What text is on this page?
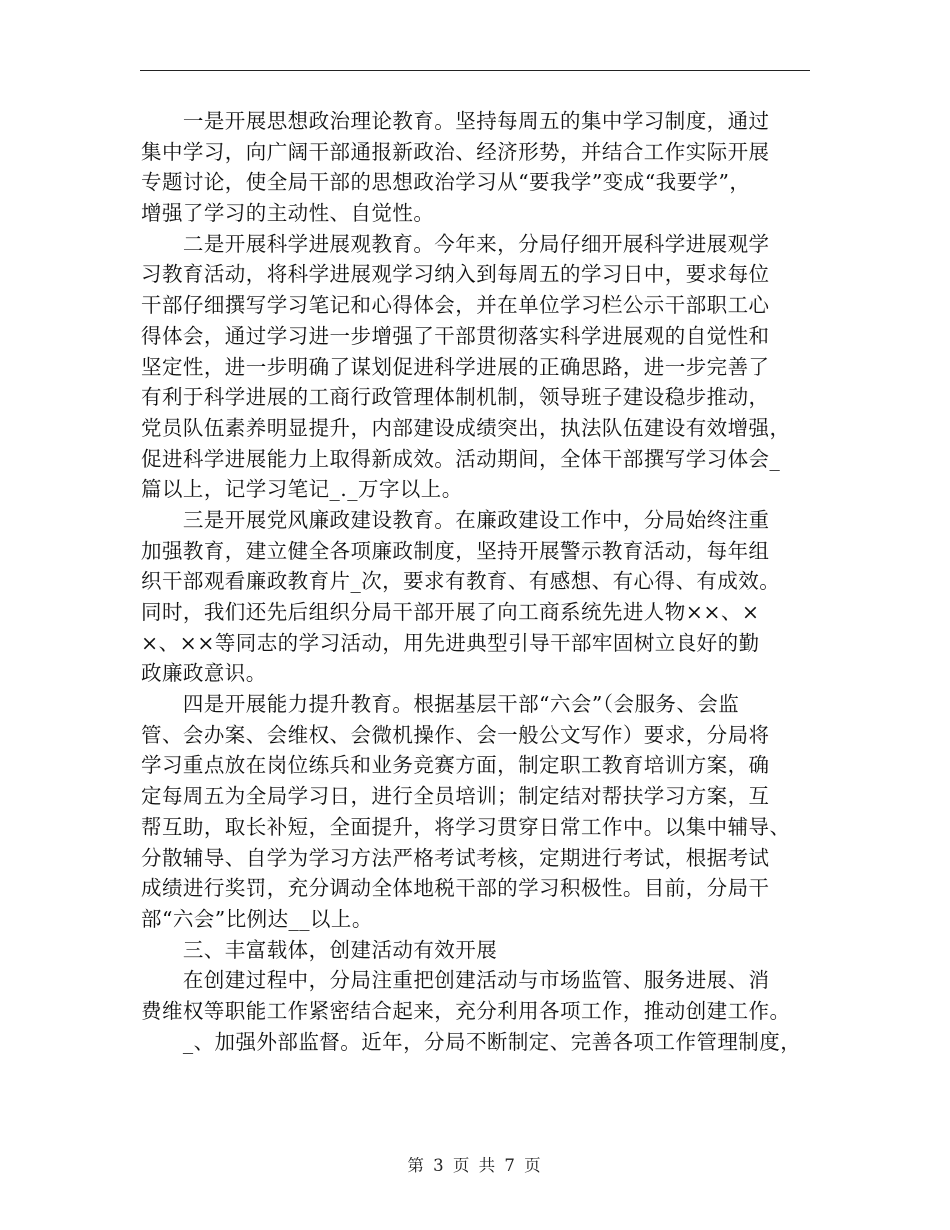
　　一是开展思想政治理论教育。坚持每周五的集中学习制度，通过
集中学习，向广阔干部通报新政治、经济形势，并结合工作实际开展
专题讨论，使全局干部的思想政治学习从“要我学”变成“我要学”，
增强了学习的主动性、自觉性。
　　二是开展科学进展观教育。今年来，分局仔细开展科学进展观学
习教育活动，将科学进展观学习纳入到每周五的学习日中，要求每位
干部仔细撰写学习笔记和心得体会，并在单位学习栏公示干部职工心
得体会，通过学习进一步增强了干部贯彻落实科学进展观的自觉性和
坚定性，进一步明确了谋划促进科学进展的正确思路，进一步完善了
有利于科学进展的工商行政管理体制机制，领导班子建设稳步推动，
党员队伍素养明显提升，内部建设成绩突出，执法队伍建设有效增强，
促进科学进展能力上取得新成效。活动期间，全体干部撰写学习体会_
篇以上，记学习笔记_._万字以上。
　　三是开展党风廉政建设教育。在廉政建设工作中，分局始终注重
加强教育，建立健全各项廉政制度，坚持开展警示教育活动，每年组
织干部观看廉政教育片_次，要求有教育、有感想、有心得、有成效。
同时，我们还先后组织分局干部开展了向工商系统先进人物××、×
×、××等同志的学习活动，用先进典型引导干部牢固树立良好的勤
政廉政意识。
　　四是开展能力提升教育。根据基层干部“六会”（会服务、会监
管、会办案、会维权、会微机操作、会一般公文写作）要求，分局将
学习重点放在岗位练兵和业务竞赛方面，制定职工教育培训方案，确
定每周五为全局学习日，进行全员培训；制定结对帮扶学习方案，互
帮互助，取长补短，全面提升，将学习贯穿日常工作中。以集中辅导、
分散辅导、自学为学习方法严格考试考核，定期进行考试，根据考试
成绩进行奖罚，充分调动全体地税干部的学习积极性。目前，分局干
部“六会”比例达__以上。
　　三、丰富载体，创建活动有效开展
　　在创建过程中，分局注重把创建活动与市场监管、服务进展、消
费维权等职能工作紧密结合起来，充分利用各项工作，推动创建工作。
　　_、加强外部监督。近年，分局不断制定、完善各项工作管理制度，
第 3 页 共 7 页
